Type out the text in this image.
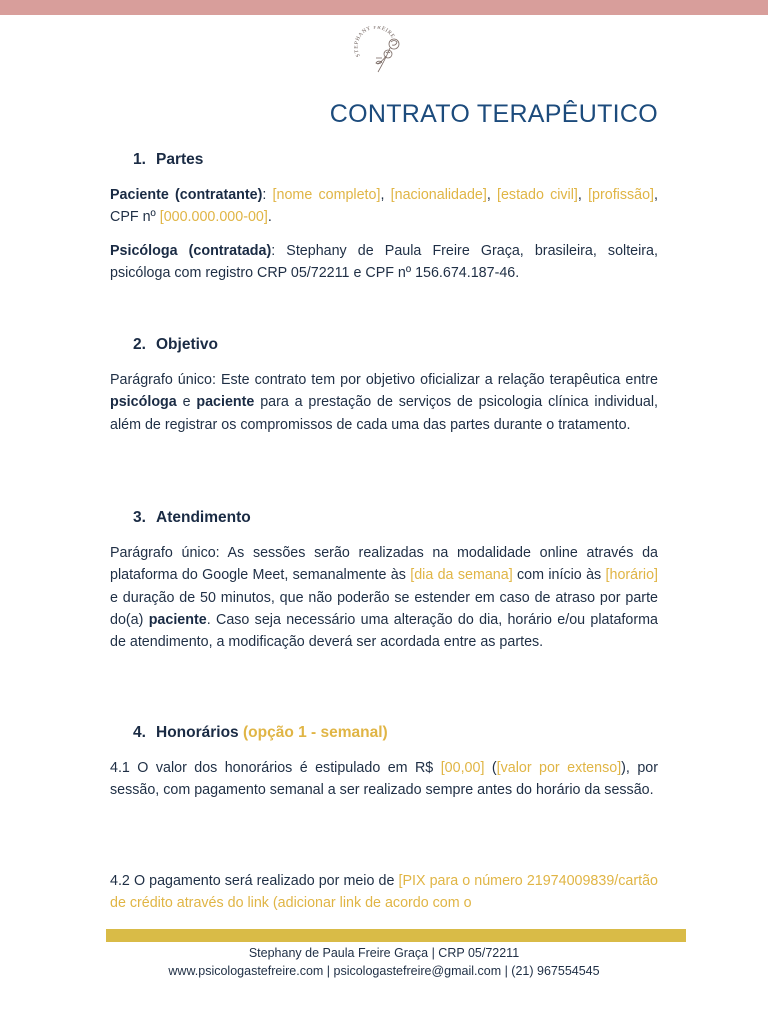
STEPHANY FREIRE
CONTRATO TERAPÊUTICO
1. Partes
Paciente (contratante): [nome completo], [nacionalidade], [estado civil], [profissão], CPF nº [000.000.000-00].
Psicóloga (contratada): Stephany de Paula Freire Graça, brasileira, solteira, psicóloga com registro CRP 05/72211 e CPF nº 156.674.187-46.
2. Objetivo
Parágrafo único: Este contrato tem por objetivo oficializar a relação terapêutica entre psicóloga e paciente para a prestação de serviços de psicologia clínica individual, além de registrar os compromissos de cada uma das partes durante o tratamento.
3. Atendimento
Parágrafo único: As sessões serão realizadas na modalidade online através da plataforma do Google Meet, semanalmente às [dia da semana] com início às [horário] e duração de 50 minutos, que não poderão se estender em caso de atraso por parte do(a) paciente. Caso seja necessário uma alteração do dia, horário e/ou plataforma de atendimento, a modificação deverá ser acordada entre as partes.
4. Honorários (opção 1 - semanal)
4.1 O valor dos honorários é estipulado em R$ [00,00] ([valor por extenso]), por sessão, com pagamento semanal a ser realizado sempre antes do horário da sessão.
4.2 O pagamento será realizado por meio de [PIX para o número 21974009839/cartão de crédito através do link (adicionar link de acordo com o
Stephany de Paula Freire Graça | CRP 05/72211
www.psicologastefreire.com | psicologastefreire@gmail.com | (21) 967554545
